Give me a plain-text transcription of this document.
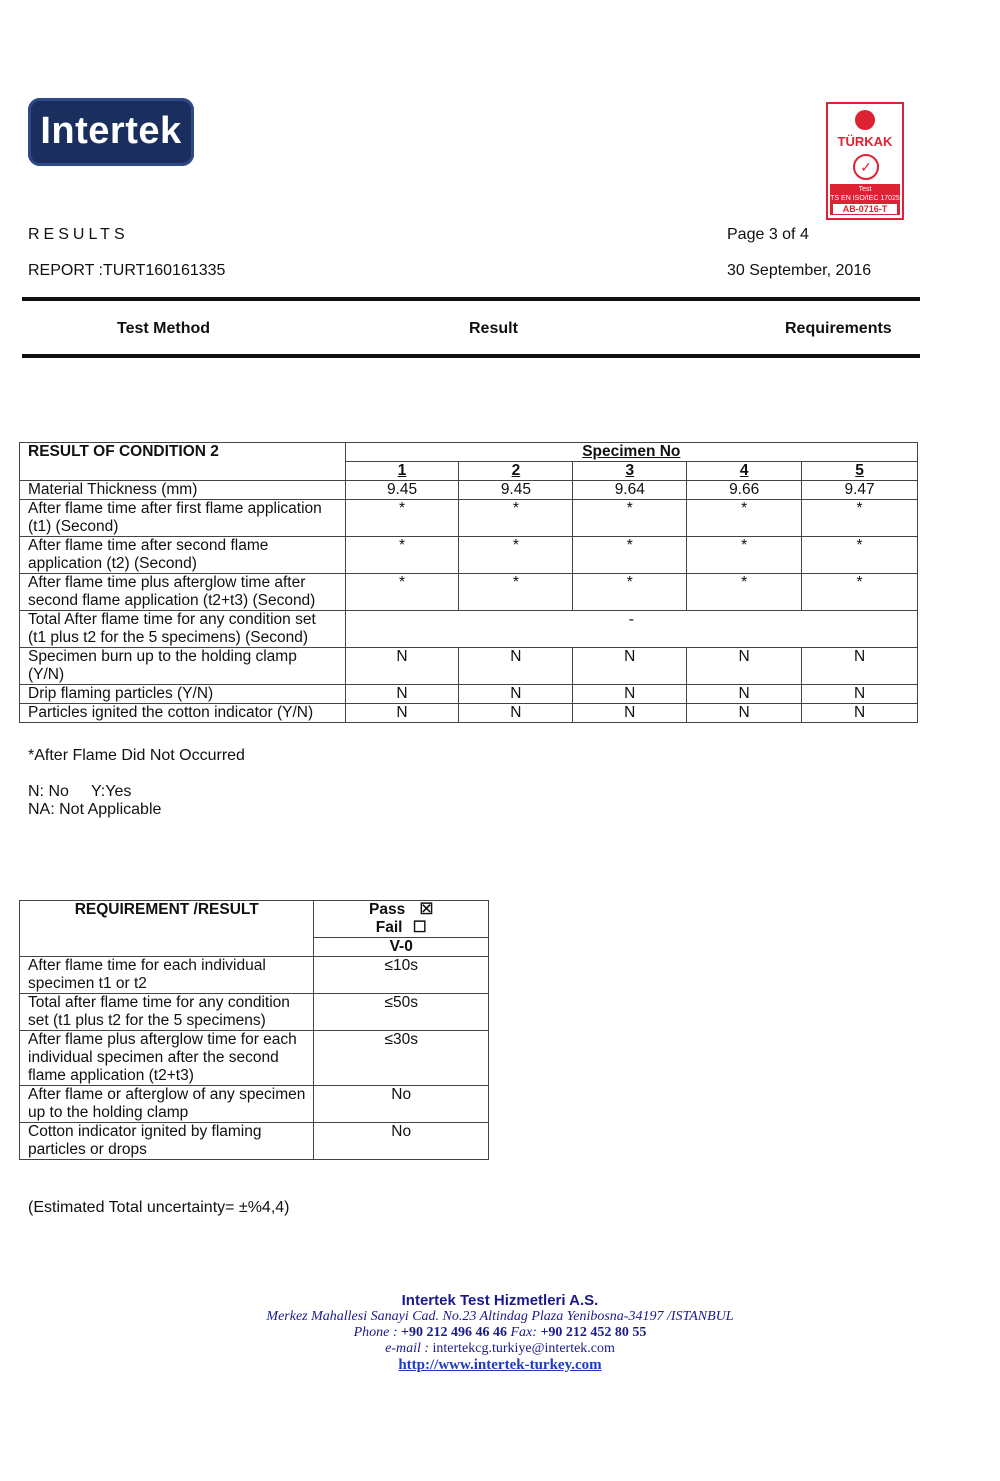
Intertek	TÜRKAK
✓
Test
TS EN ISO/IEC 17025
AB-0716-T
RESULTS	Page 3 of 4
REPORT :TURT160161335	30 September, 2016
Test Method	Result	Requirements
RESULT OF CONDITION 2	Specimen No				
	1	2	3	4	5
Material Thickness (mm)	9.45	9.45	9.64	9.66	9.47
After flame time after first flame application (t1) (Second)	*	*	*	*	*
After flame time after second flame application (t2) (Second)	*	*	*	*	*
After flame time plus afterglow time after second flame application (t2+t3) (Second)	*	*	*	*	*
Total After flame time for any condition set (t1 plus t2 for the 5 specimens) (Second)	-				
Specimen burn up to the holding clamp (Y/N)	N	N	N	N	N
Drip flaming particles (Y/N)	N	N	N	N	N
Particles ignited the cotton indicator (Y/N)	N	N	N	N	N
*After Flame Did Not Occurred
N: No Y:Yes
NA: Not Applicable
REQUIREMENT /RESULT	Pass ☒
Fail ☐

	V-0
After flame time for each individual specimen t1 or t2	≤10s
Total after flame time for any condition set (t1 plus t2 for the 5 specimens)	≤50s
After flame plus afterglow time for each individual specimen after the second flame application (t2+t3)	≤30s
After flame or afterglow of any specimen up to the holding clamp	No
Cotton indicator ignited by flaming particles or drops	No
(Estimated Total uncertainty= ±%4,4)
Intertek Test Hizmetleri A.S.
Merkez Mahallesi Sanayi Cad. No.23 Altindag Plaza Yenibosna-34197 /ISTANBUL
Phone : +90 212 496 46 46 Fax: +90 212 452 80 55
e-mail : intertekcg.turkiye@intertek.com
http://www.intertek-turkey.com
